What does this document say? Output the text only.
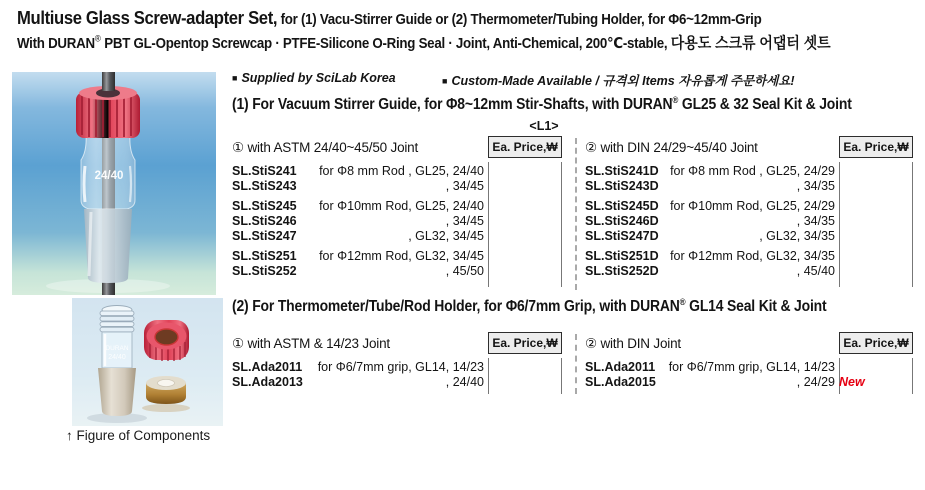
Multiuse Glass Screw-adapter Set, for (1) Vacu-Stirrer Guide or (2) Thermometer/Tubing Holder, for Φ6~12mm-Grip
With DURAN® PBT GL-Opentop Screwcap · PTFE-Silicone O-Ring Seal · Joint, Anti-Chemical, 200℃-stable, 다용도 스크류 어댑터 셋트
24/40
DURAN
24/40
↑ Figure of Components
■ Supplied by SciLab Korea	■ Custom-Made Available / 규격외 Items 자유롭게 주문하세요!
(1) For Vacuum Stirrer Guide, for Φ8~12mm Stir-Shafts, with DURAN® GL25 & 32 Seal Kit & Joint
<L1>
① with ASTM 24/40~45/50 Joint	Ea. Price,₩
SL.StiS241	for Φ8 mm Rod , GL25, 24/40
SL.StiS243	, 34/45
SL.StiS245	for Φ10mm Rod, GL25, 24/40
SL.StiS246	, 34/45
SL.StiS247	, GL32, 34/45
SL.StiS251	for Φ12mm Rod, GL32, 34/45
SL.StiS252	, 45/50
② with DIN 24/29~45/40 Joint	Ea. Price,₩
SL.StiS241D for Φ8 mm Rod , GL25, 24/29
SL.StiS243D	, 34/35
SL.StiS245D for Φ10mm Rod, GL25, 24/29
SL.StiS246D	, 34/35
SL.StiS247D	, GL32, 34/35
SL.StiS251D for Φ12mm Rod, GL32, 34/35
SL.StiS252D	, 45/40
(2) For Thermometer/Tube/Rod Holder, for Φ6/7mm Grip, with DURAN® GL14 Seal Kit & Joint
① with ASTM & 14/23 Joint	Ea. Price,₩
SL.Ada2011	for Φ6/7mm grip, GL14, 14/23
SL.Ada2013	, 24/40
② with DIN Joint	Ea. Price,₩
SL.Ada2011	for Φ6/7mm grip, GL14, 14/23
SL.Ada2015	, 24/29 New
